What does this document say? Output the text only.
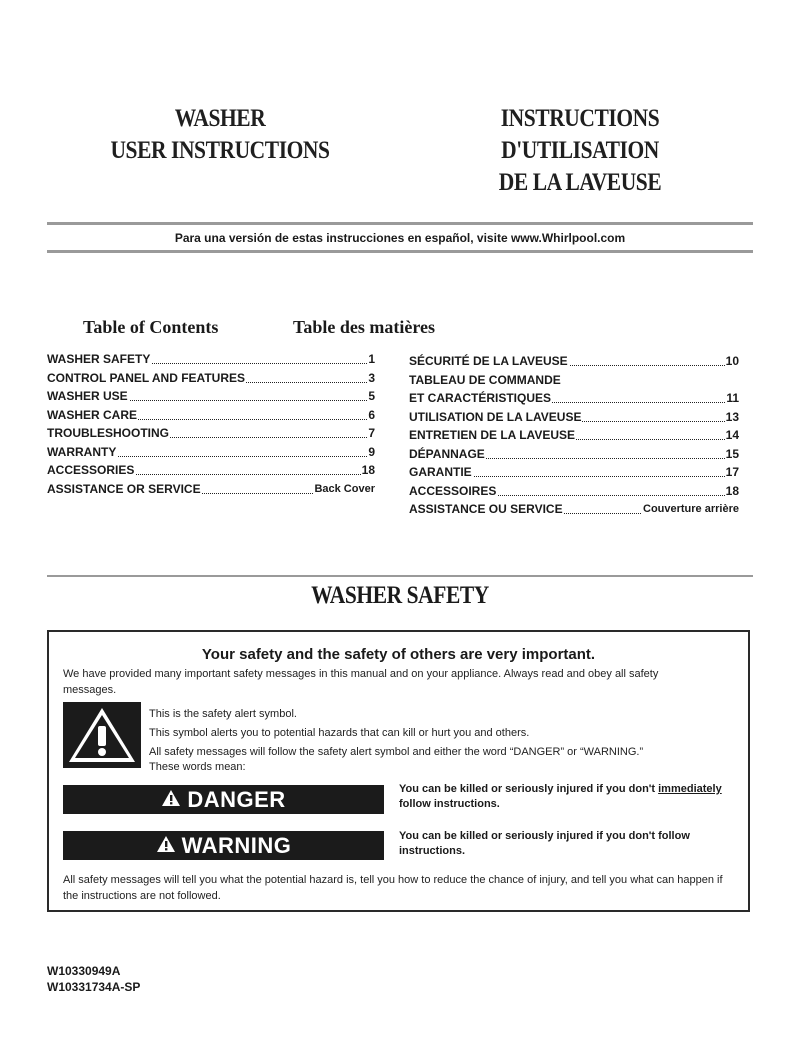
WASHER
USER INSTRUCTIONS
INSTRUCTIONS
D'UTILISATION
DE LA LAVEUSE
Para una versión de estas instrucciones en español, visite www.Whirlpool.com
Table of Contents	Table des matières
WASHER SAFETY	1
CONTROL PANEL AND FEATURES	3
WASHER USE	5
WASHER CARE	6
TROUBLESHOOTING	7
WARRANTY	9
ACCESSORIES	18
ASSISTANCE OR SERVICE	Back Cover
SÉCURITÉ DE LA LAVEUSE	10
TABLEAU DE COMMANDE
ET CARACTÉRISTIQUES	11
UTILISATION DE LA LAVEUSE	13
ENTRETIEN DE LA LAVEUSE	14
DÉPANNAGE	15
GARANTIE	17
ACCESSOIRES	18
ASSISTANCE OU SERVICE	Couverture arrière
WASHER SAFETY
Your safety and the safety of others are very important.
We have provided many important safety messages in this manual and on your appliance. Always read and obey all safety messages.
This is the safety alert symbol.
This symbol alerts you to potential hazards that can kill or hurt you and others.
All safety messages will follow the safety alert symbol and either the word “DANGER” or “WARNING.”
These words mean:
DANGER	You can be killed or seriously injured if you don't immediately
follow instructions.
WARNING	You can be killed or seriously injured if you don't follow
instructions.
All safety messages will tell you what the potential hazard is, tell you how to reduce the chance of injury, and tell you what can happen if the instructions are not followed.
W10330949A
W10331734A-SP
